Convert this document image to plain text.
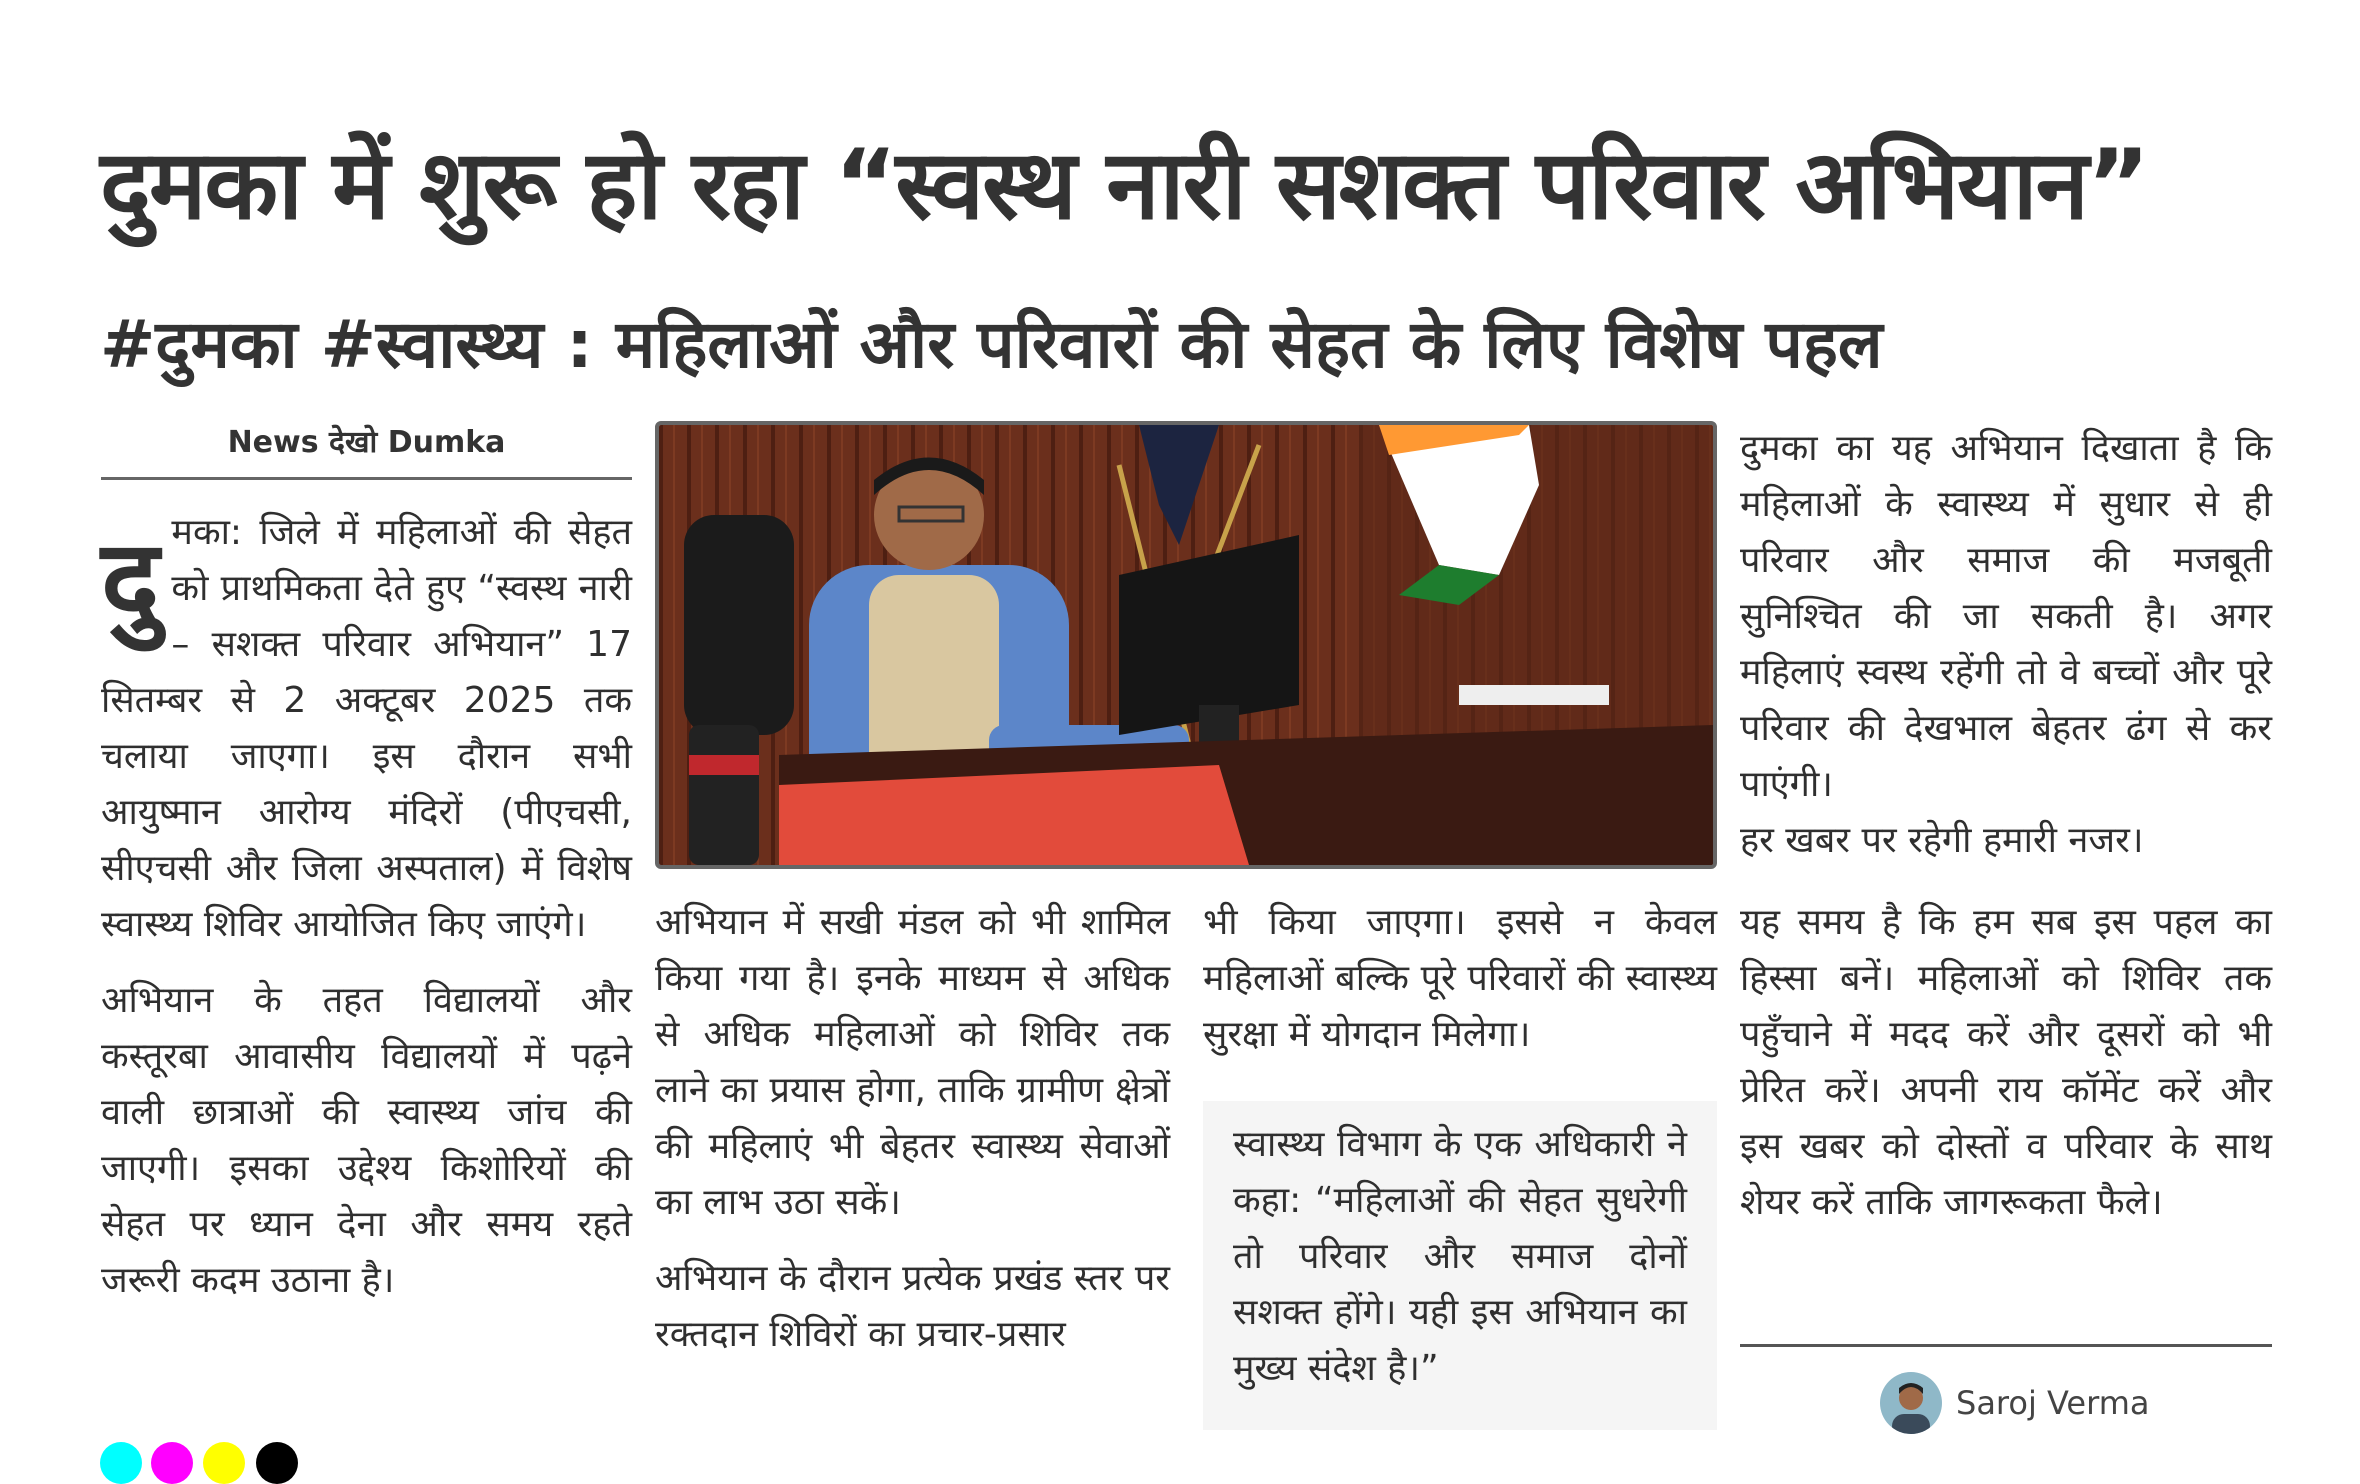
दुमका में शुरू हो रहा “स्वस्थ नारी सशक्त परिवार अभियान”
#दुमका #स्वास्थ्य : महिलाओं और परिवारों की सेहत के लिए विशेष पहल
News देखो Dumka

दुमका: जिले में महिलाओं की सेहत को प्राथमिकता देते हुए “स्वस्थ नारी – सशक्त परिवार अभियान” 17 सितम्बर से 2 अक्टूबर 2025 तक चलाया जाएगा। इस दौरान सभी आयुष्मान आरोग्य मंदिरों (पीएचसी, सीएचसी और जिला अस्पताल) में विशेष स्वास्थ्य शिविर आयोजित किए जाएंगे।

अभियान के तहत विद्यालयों और कस्तूरबा आवासीय विद्यालयों में पढ़ने वाली छात्राओं की स्वास्थ्य जांच की जाएगी। इसका उद्देश्य किशोरियों की सेहत पर ध्यान देना और समय रहते जरूरी कदम उठाना है।

अभियान में सखी मंडल को भी शामिल किया गया है। इनके माध्यम से अधिक से अधिक महिलाओं को शिविर तक लाने का प्रयास होगा, ताकि ग्रामीण क्षेत्रों की महिलाएं भी बेहतर स्वास्थ्य सेवाओं का लाभ उठा सकें।

अभियान के दौरान प्रत्येक प्रखंड स्तर पर रक्तदान शिविरों का प्रचार-प्रसार

भी किया जाएगा। इससे न केवल महिलाओं बल्कि पूरे परिवारों की स्वास्थ्य सुरक्षा में योगदान मिलेगा।

स्वास्थ्य विभाग के एक अधिकारी ने कहा: “महिलाओं की सेहत सुधरेगी तो परिवार और समाज दोनों सशक्त होंगे। यही इस अभियान का मुख्य संदेश है।”

दुमका का यह अभियान दिखाता है कि महिलाओं के स्वास्थ्य में सुधार से ही परिवार और समाज की मजबूती सुनिश्चित की जा सकती है। अगर महिलाएं स्वस्थ रहेंगी तो वे बच्चों और पूरे परिवार की देखभाल बेहतर ढंग से कर पाएंगी।

हर खबर पर रहेगी हमारी नजर।

यह समय है कि हम सब इस पहल का हिस्सा बनें। महिलाओं को शिविर तक पहुँचाने में मदद करें और दूसरों को भी प्रेरित करें। अपनी राय कॉमेंट करें और इस खबर को दोस्तों व परिवार के साथ शेयर करें ताकि जागरूकता फैले।

Saroj Verma
